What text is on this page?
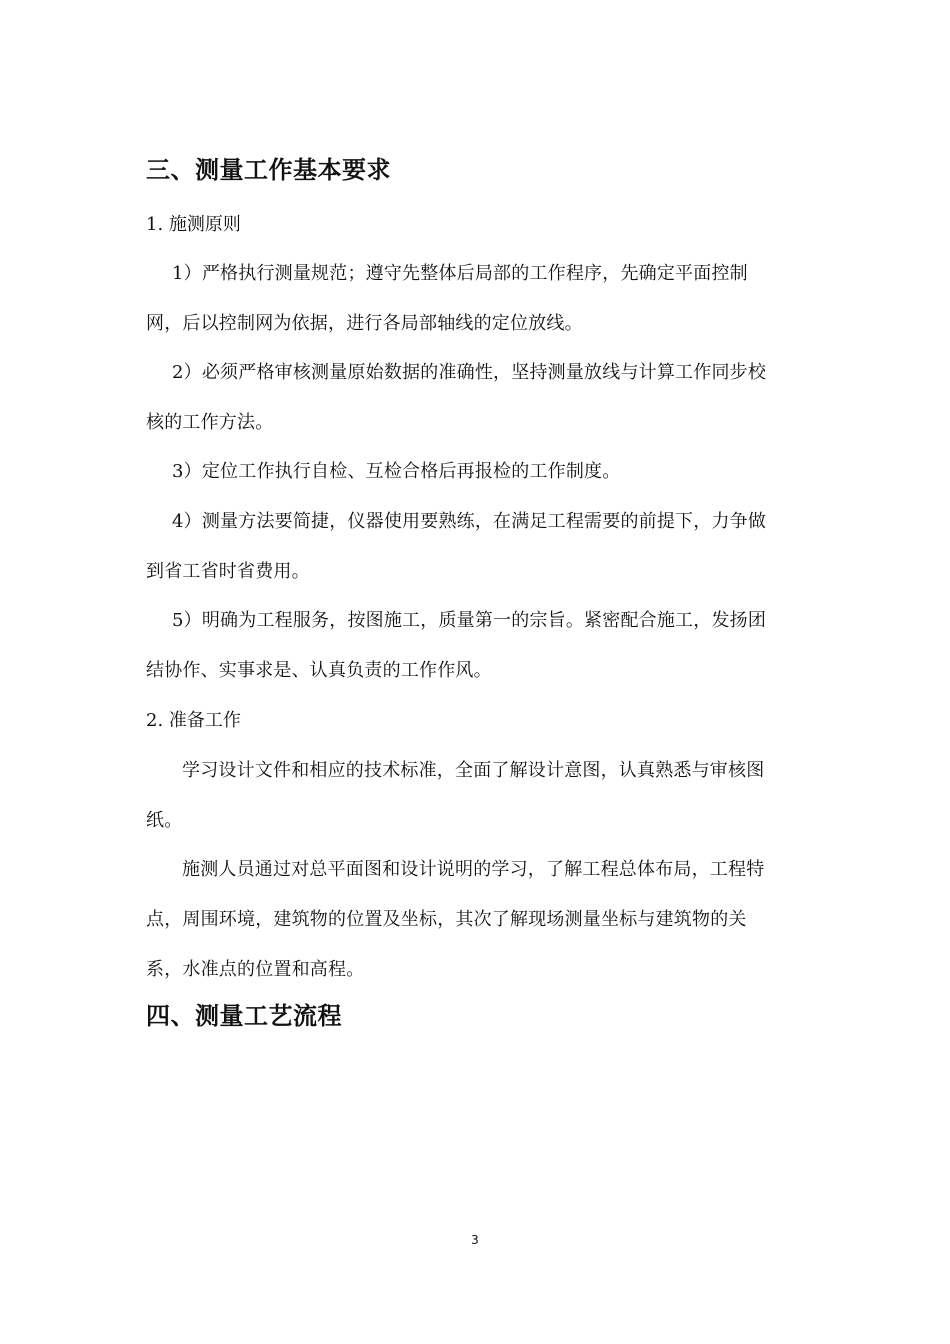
三、测量工作基本要求
1. 施测原则
1）严格执行测量规范；遵守先整体后局部的工作程序，先确定平面控制
网，后以控制网为依据，进行各局部轴线的定位放线。
2）必须严格审核测量原始数据的准确性，坚持测量放线与计算工作同步校
核的工作方法。
3）定位工作执行自检、互检合格后再报检的工作制度。
4）测量方法要简捷，仪器使用要熟练，在满足工程需要的前提下，力争做
到省工省时省费用。
5）明确为工程服务，按图施工，质量第一的宗旨。紧密配合施工，发扬团
结协作、实事求是、认真负责的工作作风。
2. 准备工作
学习设计文件和相应的技术标准，全面了解设计意图，认真熟悉与审核图
纸。
施测人员通过对总平面图和设计说明的学习，了解工程总体布局，工程特
点，周围环境，建筑物的位置及坐标，其次了解现场测量坐标与建筑物的关
系，水准点的位置和高程。
四、测量工艺流程
3
